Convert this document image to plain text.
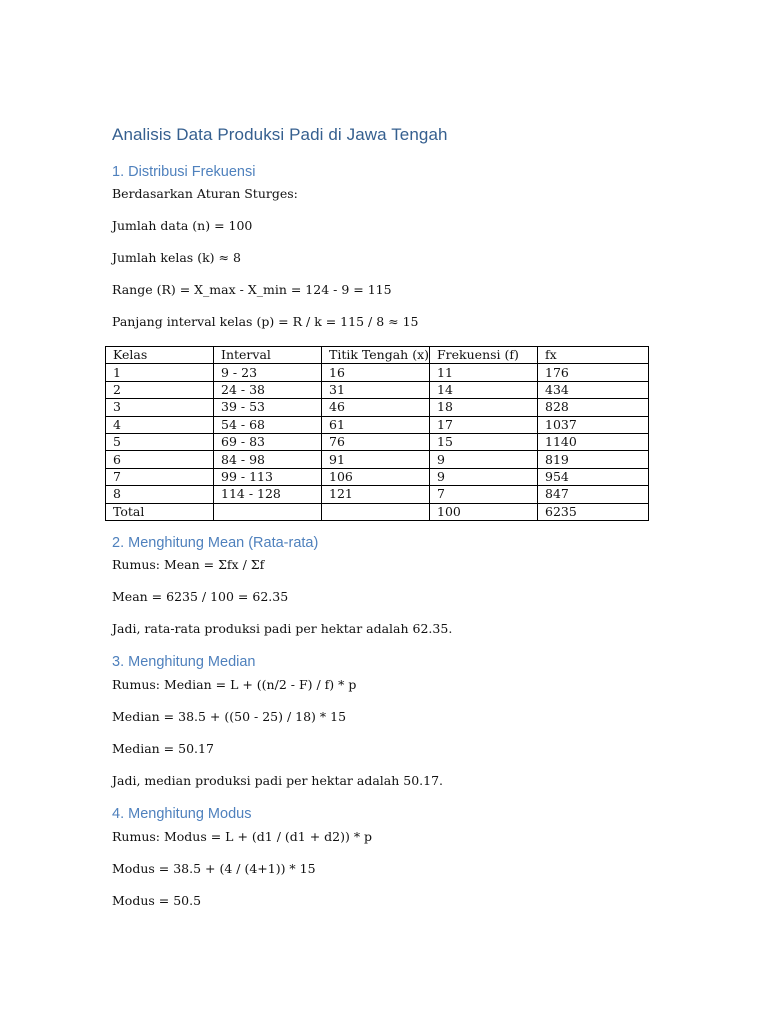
Analisis Data Produksi Padi di Jawa Tengah
1. Distribusi Frekuensi

Berdasarkan Aturan Sturges:

Jumlah data (n) = 100

Jumlah kelas (k) ≈ 8

Range (R) = X_max - X_min = 124 - 9 = 115

Panjang interval kelas (p) = R / k = 115 / 8 ≈ 15

Kelas	Interval	Titik Tengah (x)	Frekuensi (f)	fx
1	9 - 23	16	11	176
2	24 - 38	31	14	434
3	39 - 53	46	18	828
4	54 - 68	61	17	1037
5	69 - 83	76	15	1140
6	84 - 98	91	9	819
7	99 - 113	106	9	954
8	114 - 128	121	7	847
Total			100	6235
2. Menghitung Mean (Rata-rata)

Rumus: Mean = Σfx / Σf

Mean = 6235 / 100 = 62.35

Jadi, rata-rata produksi padi per hektar adalah 62.35.

3. Menghitung Median

Rumus: Median = L + ((n/2 - F) / f) * p

Median = 38.5 + ((50 - 25) / 18) * 15

Median = 50.17

Jadi, median produksi padi per hektar adalah 50.17.

4. Menghitung Modus

Rumus: Modus = L + (d1 / (d1 + d2)) * p

Modus = 38.5 + (4 / (4+1)) * 15

Modus = 50.5
